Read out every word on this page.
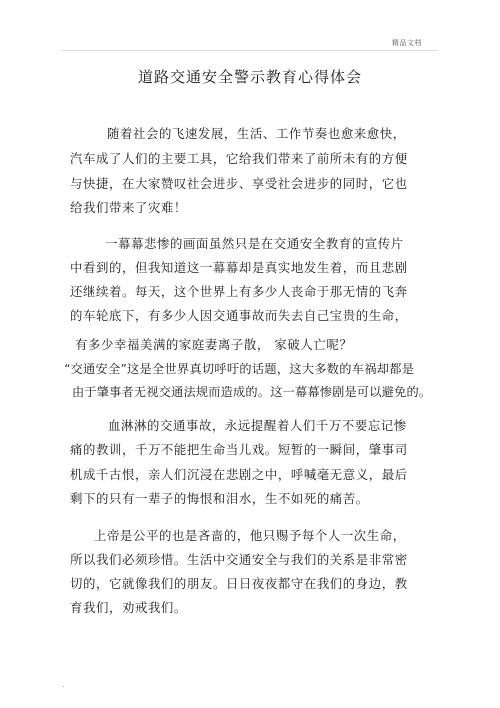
精品文档
道路交通安全警示教育心得体会
随着社会的飞速发展，生活、工作节奏也愈来愈快，
汽车成了人们的主要工具，它给我们带来了前所未有的方便
与快捷，在大家赞叹社会进步、享受社会进步的同时，它也
给我们带来了灾难！
一幕幕悲惨的画面虽然只是在交通安全教育的宣传片
中看到的，但我知道这一幕幕却是真实地发生着，而且悲剧
还继续着。每天，这个世界上有多少人丧命于那无情的飞奔
的车轮底下，有多少人因交通事故而失去自己宝贵的生命，
有多少幸福美满的家庭妻离子散， 家破人亡呢？
“交通安全”这是全世界真切呼吁的话题，这大多数的车祸却都是
由于肇事者无视交通法规而造成的。这一幕幕惨剧是可以避免的。
血淋淋的交通事故，永远提醒着人们千万不要忘记惨
痛的教训，千万不能把生命当儿戏。短暂的一瞬间，肇事司
机成千古恨，亲人们沉浸在悲剧之中，呼喊毫无意义，最后
剩下的只有一辈子的悔恨和泪水，生不如死的痛苦。
上帝是公平的也是吝啬的，他只赐予每个人一次生命，
所以我们必须珍惜。生活中交通安全与我们的关系是非常密
切的，它就像我们的朋友。日日夜夜都守在我们的身边，教
育我们，劝戒我们。
.
